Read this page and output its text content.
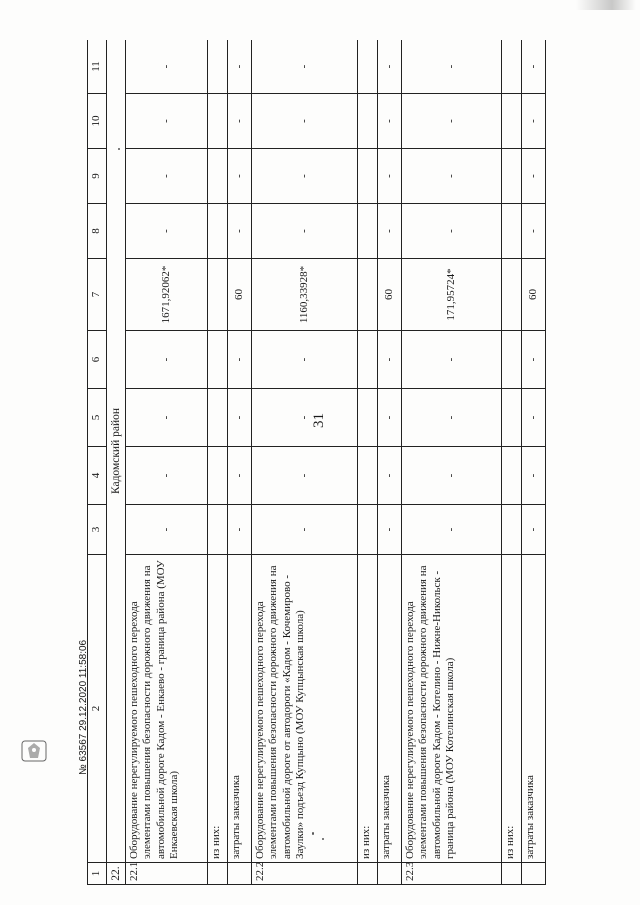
31
1	2	3	4	5	6	7	8	9	10	11
22.	Кадомский район									
22.1	Оборудование нерегулируемого пешеходного перехода элементами повышения безопасности дорожного движения на автомобильной дороге Кадом - Енкаево - граница района (МОУ Енкаевская школа)	-	-	-	-	1671,92062*	-	-	-	-
	из них:									
	затраты заказчика	-	-	-	-	60	-	-	-	-
22.2	Оборудование нерегулируемого пешеходного перехода элементами повышения безопасности дорожного движения на автомобильной дороге от автодороги «Кадом - Кочемирово - Заулки» подъезд Купцыно (МОУ Купцынская школа)	-	-	-	-	1160,33928*	-	-	-	-
	из них:									
	затраты заказчика	-	-	-	-	60	-	-	-	-
22.3	Оборудование нерегулируемого пешеходного перехода элементами повышения безопасности дорожного движения на автомобильной дороге Кадом - Котелино - Нижне-Никольск - граница района (МОУ Котелинская школа)	-	-	-	-	171,95724*	-	-	-	-
	из них:									
	затраты заказчика	-	-	-	-	60	-	-	-	-
№ 63567 29.12.2020 11:58:06
